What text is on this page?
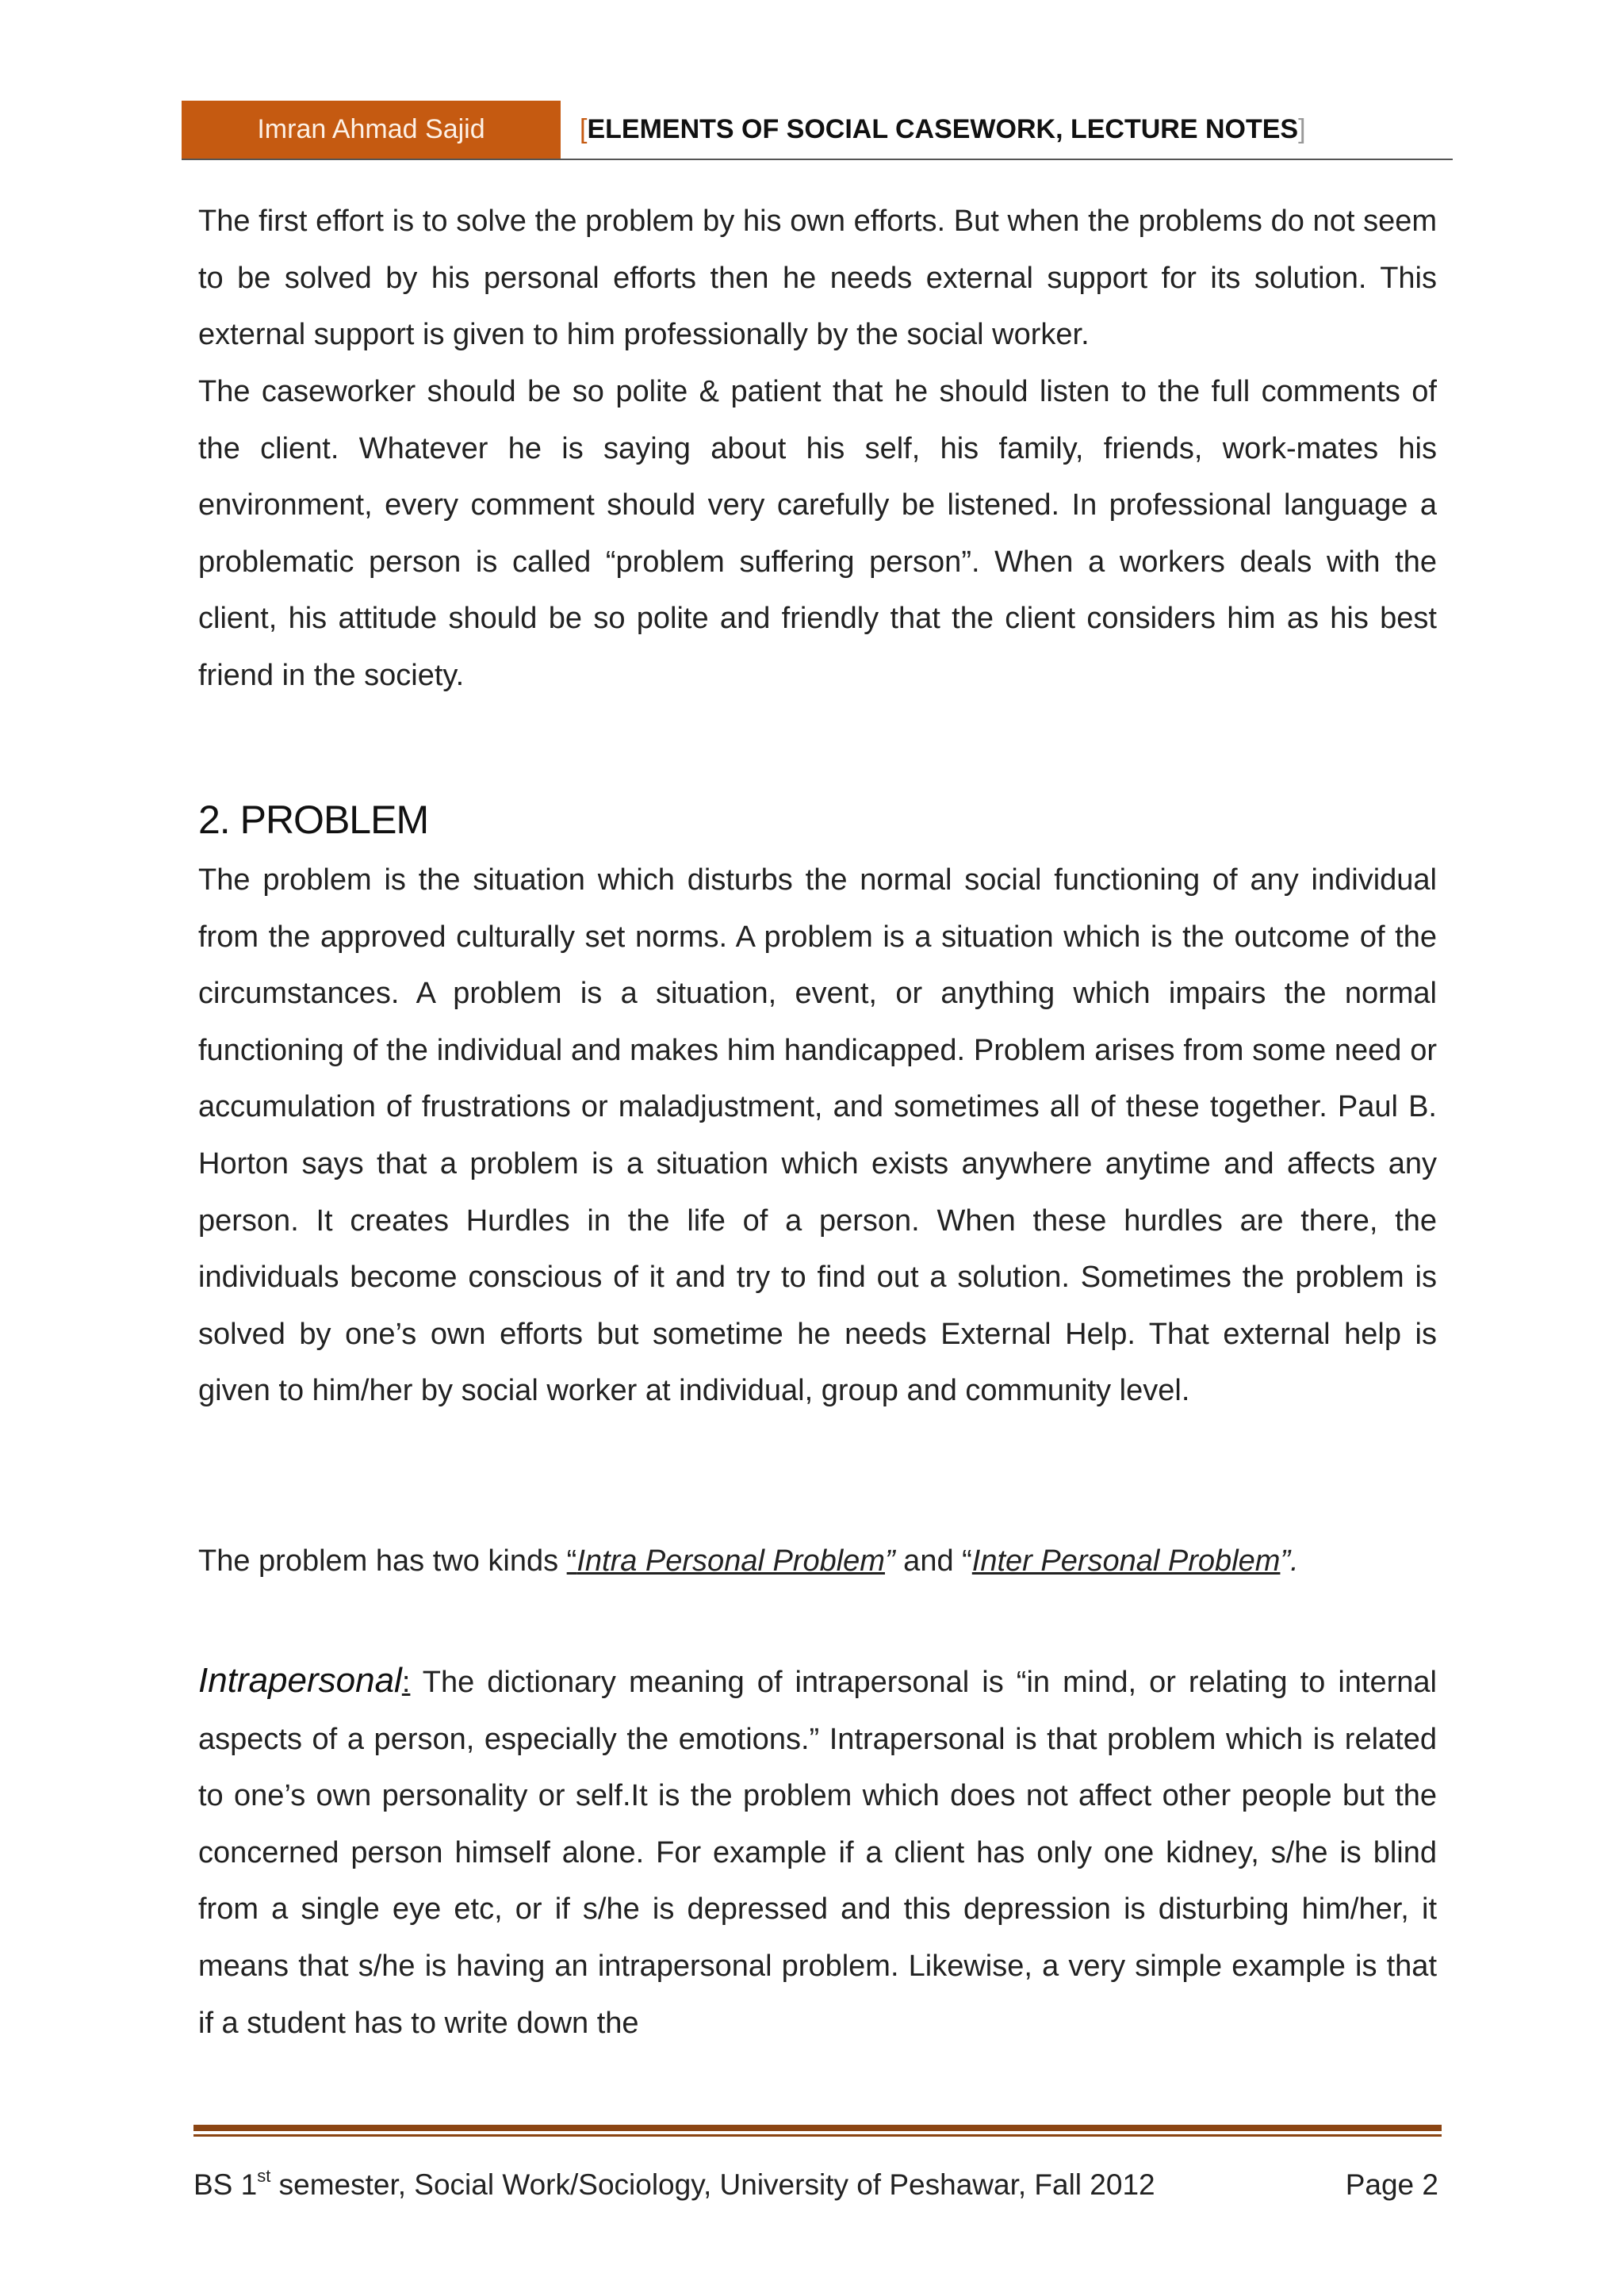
Imran Ahmad Sajid	[ELEMENTS OF SOCIAL CASEWORK, LECTURE NOTES]
The first effort is to solve the problem by his own efforts. But when the problems do not seem to be solved by his personal efforts then he needs external support for its solution. This external support is given to him professionally by the social worker.
The caseworker should be so polite & patient that he should listen to the full comments of the client. Whatever he is saying about his self, his family, friends, work-mates his environment, every comment should very carefully be listened. In professional language a problematic person is called “problem suffering person”. When a workers deals with the client, his attitude should be so polite and friendly that the client considers him as his best friend in the society.
2. PROBLEM
The problem is the situation which disturbs the normal social functioning of any individual from the approved culturally set norms. A problem is a situation which is the outcome of the circumstances. A problem is a situation, event, or anything which impairs the normal functioning of the individual and makes him handicapped. Problem arises from some need or accumulation of frustrations or maladjustment, and sometimes all of these together. Paul B. Horton says that a problem is a situation which exists anywhere anytime and affects any person. It creates Hurdles in the life of a person. When these hurdles are there, the individuals become conscious of it and try to find out a solution. Sometimes the problem is solved by one’s own efforts but sometime he needs External Help. That external help is given to him/her by social worker at individual, group and community level.
The problem has two kinds “Intra Personal Problem” and “Inter Personal Problem”.
Intrapersonal: The dictionary meaning of intrapersonal is “in mind, or relating to internal aspects of a person, especially the emotions.” Intrapersonal is that problem which is related to one’s own personality or self.It is the problem which does not affect other people but the concerned person himself alone. For example if a client has only one kidney, s/he is blind from a single eye etc, or if s/he is depressed and this depression is disturbing him/her, it means that s/he is having an intrapersonal problem. Likewise, a very simple example is that if a student has to write down the
BS 1st semester, Social Work/Sociology, University of Peshawar, Fall 2012	Page 2
